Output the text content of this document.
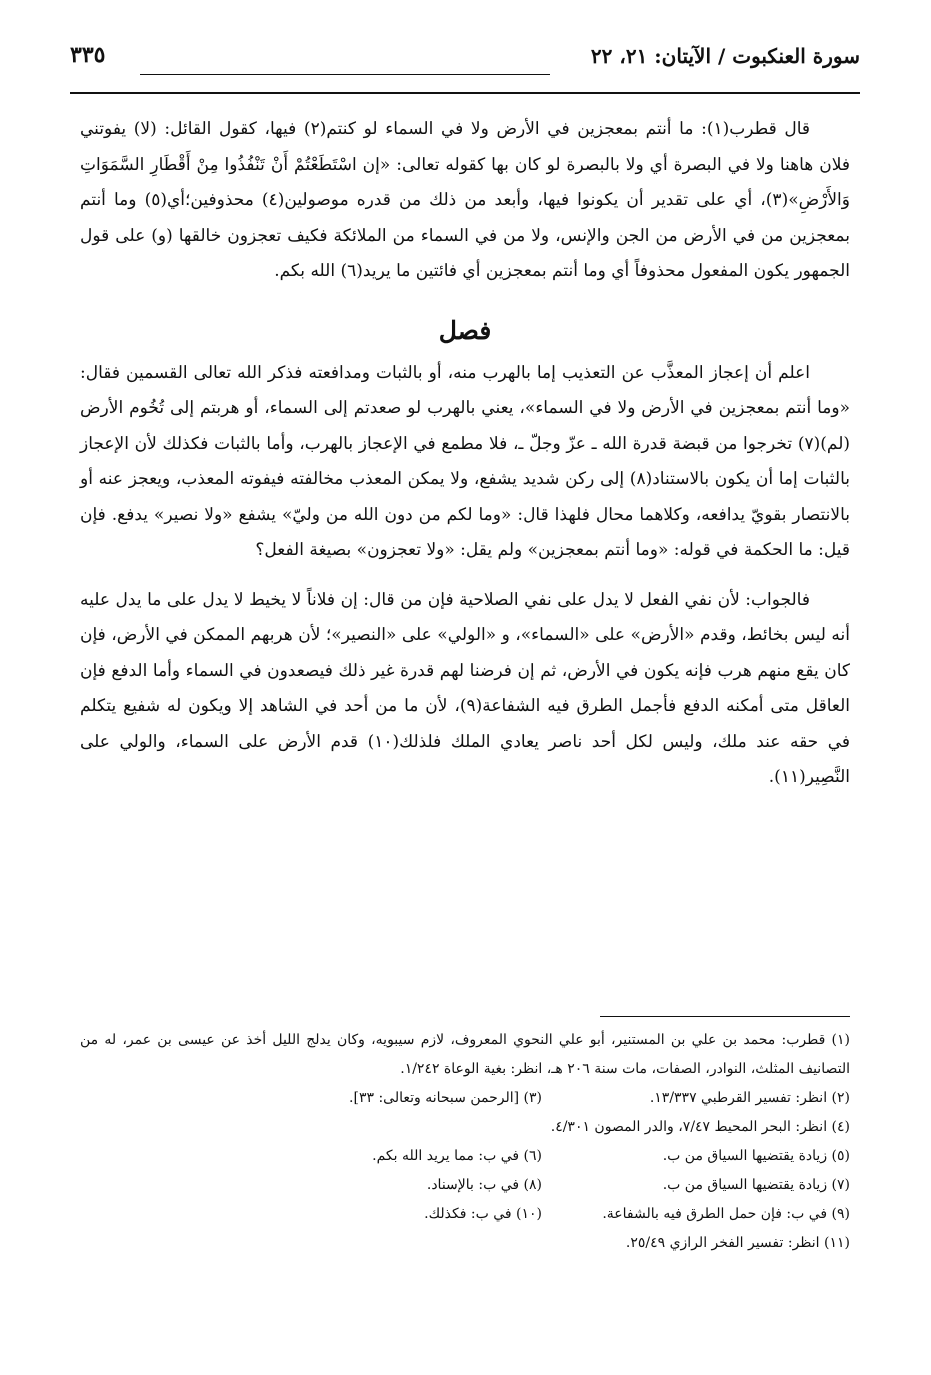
سورة العنكبوت / الآيتان: ٢١، ٢٢
٣٣٥

قال قطرب(١): ما أنتم بمعجزين في الأرض ولا في السماء لو كنتم(٢) فيها، كقول القائل: (لا) يفوتني فلان هاهنا ولا في البصرة أي ولا بالبصرة لو كان بها كقوله تعالى: «إن اسْتَطَعْتُمْ أَنْ تَنْفُذُوا مِنْ أَقْطَارِ السَّمَوَاتِ وَالأَرْضِ»(٣)، أي على تقدير أن يكونوا فيها، وأبعد من ذلك من قدره موصولين(٤) محذوفين؛أي(٥) وما أنتم بمعجزين من في الأرض من الجن والإنس، ولا من في السماء من الملائكة فكيف تعجزون خالقها (و) على قول الجمهور يكون المفعول محذوفاً أي وما أنتم بمعجزين أي فائتين ما يريد(٦) الله بكم.

فصل

اعلم أن إعجاز المعذَّب عن التعذيب إما بالهرب منه، أو بالثبات ومدافعته فذكر الله تعالى القسمين فقال: «وما أنتم بمعجزين في الأرض ولا في السماء»، يعني بالهرب لو صعدتم إلى السماء، أو هربتم إلى تُخُوم الأرض (لم)(٧) تخرجوا من قبضة قدرة الله ـ عزّ وجلّ ـ، فلا مطمع في الإعجاز بالهرب، وأما بالثبات فكذلك لأن الإعجاز بالثبات إما أن يكون بالاستناد(٨) إلى ركن شديد يشفع، ولا يمكن المعذب مخالفته فيفوته المعذب، ويعجز عنه أو بالانتصار بقويّ يدافعه، وكلاهما محال فلهذا قال: «وما لكم من دون الله من وليّ» يشفع «ولا نصير» يدفع. فإن قيل: ما الحكمة في قوله: «وما أنتم بمعجزين» ولم يقل: «ولا تعجزون» بصيغة الفعل؟

فالجواب: لأن نفي الفعل لا يدل على نفي الصلاحية فإن من قال: إن فلاناً لا يخيط لا يدل على ما يدل عليه أنه ليس بخائط، وقدم «الأرض» على «السماء»، و «الولي» على «النصير»؛ لأن هربهم الممكن في الأرض، فإن كان يقع منهم هرب فإنه يكون في الأرض، ثم إن فرضنا لهم قدرة غير ذلك فيصعدون في السماء وأما الدفع فإن العاقل متى أمكنه الدفع فأجمل الطرق فيه الشفاعة(٩)، لأن ما من أحد في الشاهد إلا ويكون له شفيع يتكلم في حقه عند ملك، وليس لكل أحد ناصر يعادي الملك فلذلك(١٠) قدم الأرض على السماء، والولي على النَّصِير(١١).

(١) قطرب: محمد بن علي بن المستنير، أبو علي النحوي المعروف، لازم سيبويه، وكان يدلج الليل أخذ عن عيسى بن عمر، له من التصانيف المثلث، النوادر، الصفات، مات سنة ٢٠٦ هـ، انظر: بغية الوعاة ١/٢٤٢.
(٢) انظر: تفسير القرطبي ١٣/٣٣٧.
(٣) [الرحمن سبحانه وتعالى: ٣٣].
(٤) انظر: البحر المحيط ٧/٤٧، والدر المصون ٤/٣٠١.
(٥) زيادة يقتضيها السياق من ب.
(٦) في ب: مما يريد الله بكم.
(٧) زيادة يقتضيها السياق من ب.
(٨) في ب: بالإسناد.
(٩) في ب: فإن حمل الطرق فيه بالشفاعة.
(١٠) في ب: فكذلك.
(١١) انظر: تفسير الفخر الرازي ٢٥/٤٩.
